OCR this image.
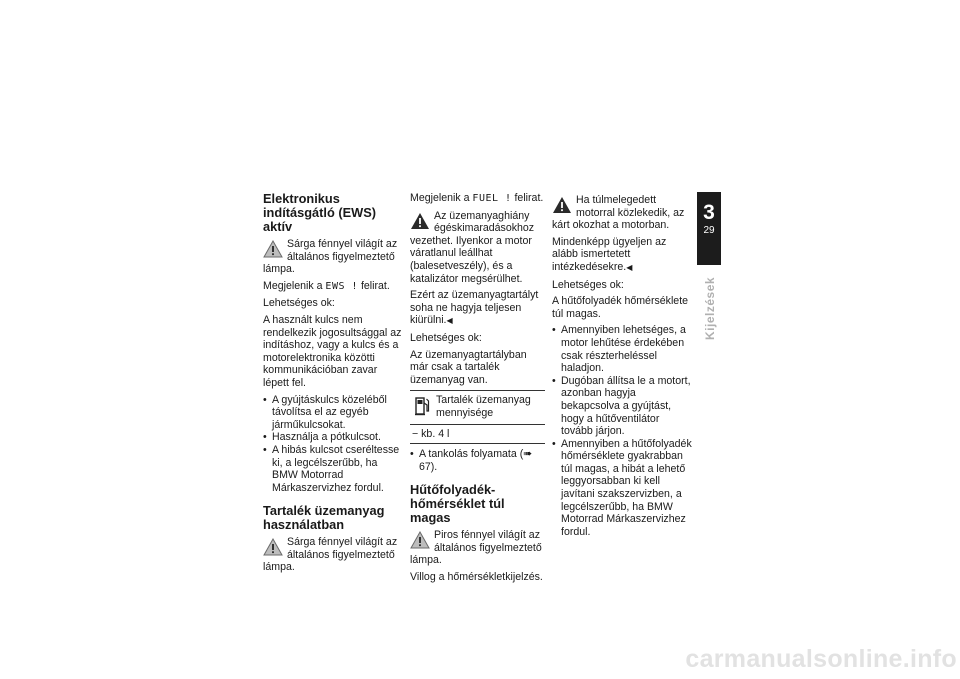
Elektronikus indításgátló (EWS) aktív
Sárga fénnyel világít az általános figyelmeztető lámpa.

Megjelenik a EWS ! felirat.

Lehetséges ok:

A használt kulcs nem rendelkezik jogosultsággal az indításhoz, vagy a kulcs és a motorelektronika közötti kommunikációban zavar lépett fel.

• A gyújtáskulcs közeléből távolítsa el az egyéb járműkulcsokat.
• Használja a pótkulcsot.
• A hibás kulcsot cseréltesse ki, a legcélszerűbb, ha BMW Motorrad Márkaszervizhez fordul.
Tartalék üzemanyag használatban
Sárga fénnyel világít az általános figyelmeztető lámpa.

Megjelenik a FUEL ! felirat.

Az üzemanyaghiány égéskimaradásokhoz vezethet. Ilyenkor a motor váratlanul leállhat (balesetveszély), és a katalizátor megsérülhet.

Ezért az üzemanyagtartályt soha ne hagyja teljesen kiürülni.◀

Lehetséges ok:

Az üzemanyagtartályban már csak a tartalék üzemanyag van.

Tartalék üzemanyag mennyisége
− kb. 4 l
• A tankolás folyamata (➠ 67).
Hűtőfolyadék-hőmérséklet túl magas
Piros fénnyel világít az általános figyelmeztető lámpa.

Villog a hőmérsékletkijelzés.

Ha túlmelegedett motorral közlekedik, az kárt okozhat a motorban.

Mindenképp ügyeljen az alább ismertetett intézkedésekre.◀

Lehetséges ok:

A hűtőfolyadék hőmérséklete túl magas.

• Amennyiben lehetséges, a motor lehűtése érdekében csak részterheléssel haladjon.
• Dugóban állítsa le a motort, azonban hagyja bekapcsolva a gyújtást, hogy a hűtőventilátor tovább járjon.
• Amennyiben a hűtőfolyadék hőmérséklete gyakrabban túl magas, a hibát a lehető leggyorsabban ki kell javítani szakszervizben, a legcélszerűbb, ha BMW Motorrad Márkaszervizhez fordul.
3
29
Kijelzések
carmanualsonline.info
